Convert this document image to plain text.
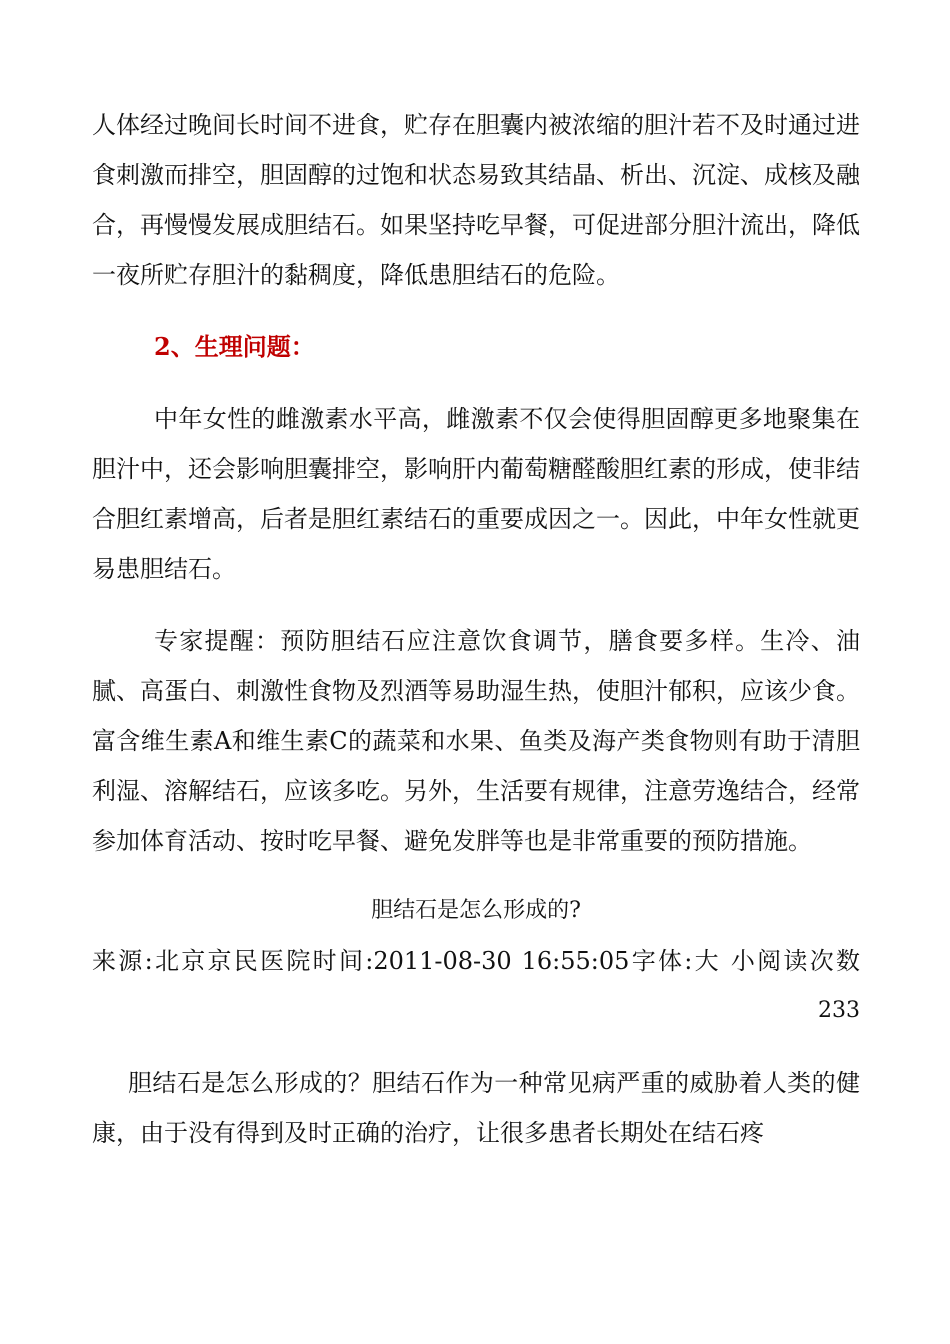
人体经过晚间长时间不进食，贮存在胆囊内被浓缩的胆汁若不及时通过进食刺激而排空，胆固醇的过饱和状态易致其结晶、析出、沉淀、成核及融合，再慢慢发展成胆结石。如果坚持吃早餐，可促进部分胆汁流出，降低一夜所贮存胆汁的黏稠度，降低患胆结石的危险。

2、生理问题：

中年女性的雌激素水平高，雌激素不仅会使得胆固醇更多地聚集在胆汁中，还会影响胆囊排空，影响肝内葡萄糖醛酸胆红素的形成，使非结合胆红素增高，后者是胆红素结石的重要成因之一。因此，中年女性就更易患胆结石。

专家提醒：预防胆结石应注意饮食调节，膳食要多样。生冷、油腻、高蛋白、刺激性食物及烈酒等易助湿生热，使胆汁郁积，应该少食。富含维生素A和维生素C的蔬菜和水果、鱼类及海产类食物则有助于清胆利湿、溶解结石，应该多吃。另外，生活要有规律，注意劳逸结合，经常参加体育活动、按时吃早餐、避免发胖等也是非常重要的预防措施。

胆结石是怎么形成的?

来源:北京京民医院时间:2011-08-30 16:55:05字体:大 小阅读次数

233

胆结石是怎么形成的？胆结石作为一种常见病严重的威胁着人类的健康，由于没有得到及时正确的治疗，让很多患者长期处在结石疼
